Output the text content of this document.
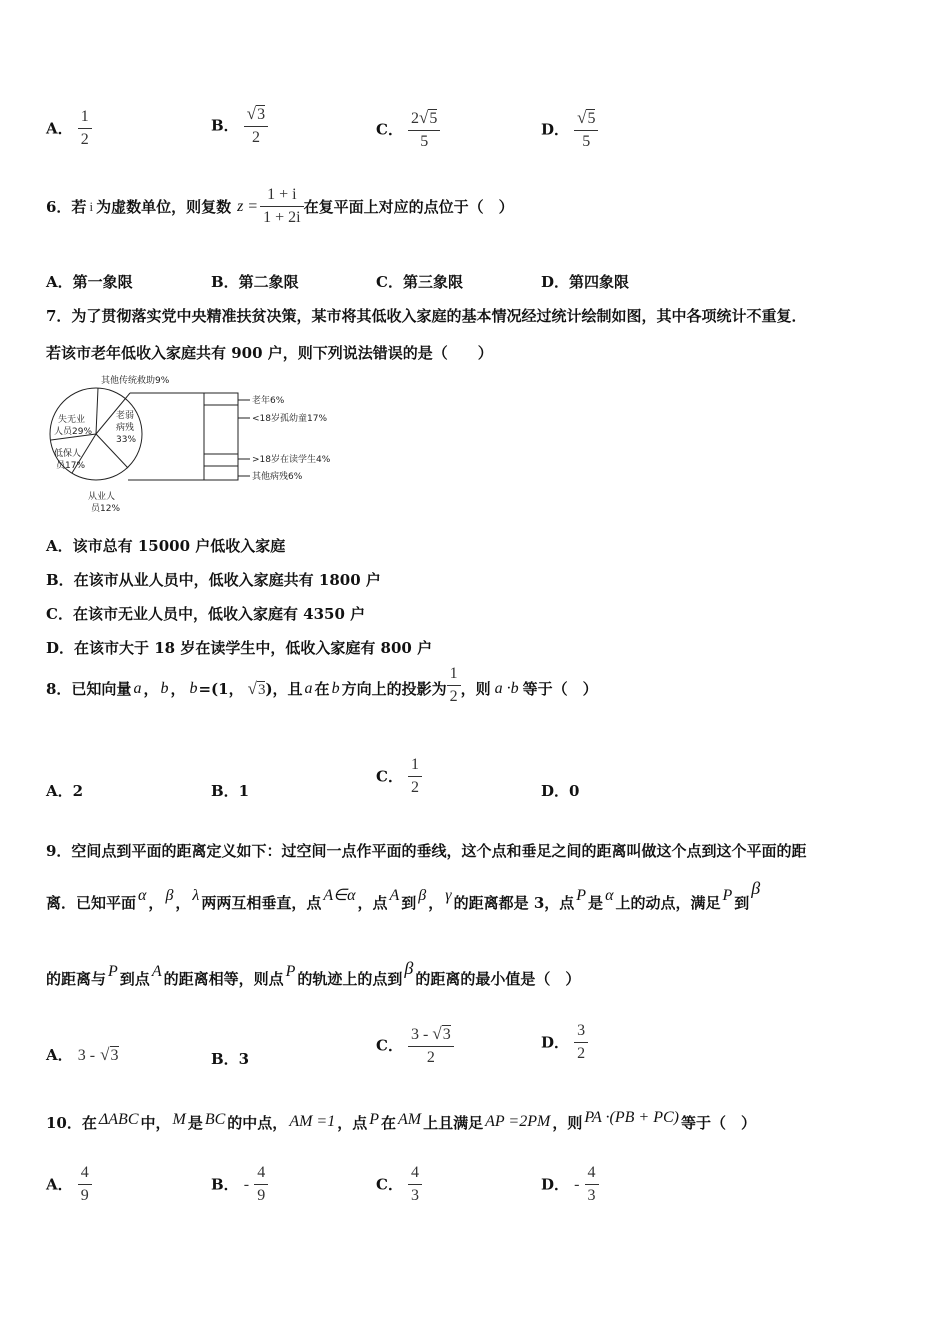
A． $\frac{1}{2}$	B． $\frac{√3}{2}$	C． $\frac{2√5}{5}$	D． $\frac{√5}{5}$
6．若 i 为虚数单位，则复数 $z = \frac{1 + i}{1 + 2i}$ 在复平面上对应的点位于（　）
A．第一象限	B．第二象限	C．第三象限	D．第四象限
7．为了贯彻落实党中央精准扶贫决策，某市将其低收入家庭的基本情况经过统计绘制如图，其中各项统计不重复．
若该市老年低收入家庭共有 900 户，则下列说法错误的是（　　）
其他传统救助9%
失无业
人员29%
老弱
病残
33%
低保人
员17%
从业人
员12%
老年6%
<18岁孤幼童17%
>18岁在读学生4%
其他病残6%
A．该市总有 15000 户低收入家庭
B．在该市从业人员中，低收入家庭共有 1800 户
C．在该市无业人员中，低收入家庭有 4350 户
D．在该市大于 18 岁在读学生中，低收入家庭有 800 户
8．已知向量 a ， b ， b =(1， √3 )，且 a 在 b 方向上的投影为 $\frac{1}{2}$ ，则 a ·b 等于（　）
A．2	B．1
C． $\frac{1}{2}$	D．0
9．空间点到平面的距离定义如下：过空间一点作平面的垂线，这个点和垂足之间的距离叫做这个点到这个平面的距
离．已知平面 α ， β ， λ 两两互相垂直，点 A∈α ，点 A 到 β ， γ 的距离都是 3，点 P 是 α 上的动点，满足 P 到
β
的距离与 P 到点 A 的距离相等，则点 P 的轨迹上的点到
β
的距离的最小值是（　）
A． 3 - √3	B．3
C． $\frac{3 - √3}{2}$	D． $\frac{3}{2}$
10．在 ΔABC 中， M 是 BC 的中点， AM =1 ，点 P 在 AM 上且满足 AP =2PM ，则 PA ·(PB + PC) 等于（　）
A． $\frac{4}{9}$	B． - $\frac{4}{9}$	C． $\frac{4}{3}$	D． - $\frac{4}{3}$
